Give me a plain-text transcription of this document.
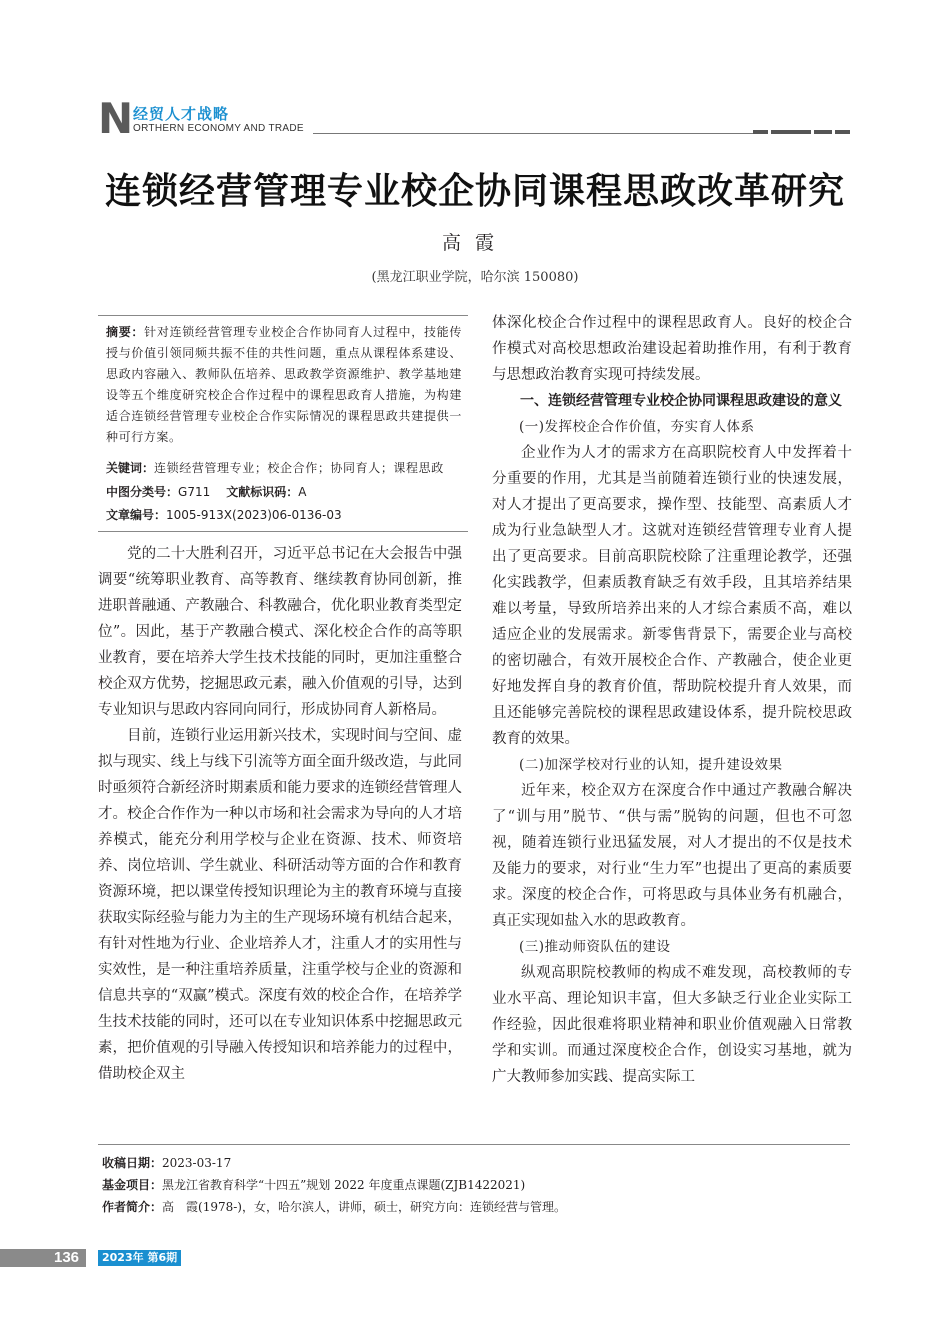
N 经贸人才战略
ORTHERN ECONOMY AND TRADE
连锁经营管理专业校企协同课程思政改革研究
高霞
(黑龙江职业学院，哈尔滨 150080)
摘要：针对连锁经营管理专业校企合作协同育人过程中，技能传授与价值引领同频共振不佳的共性问题，重点从课程体系建设、思政内容融入、教师队伍培养、思政教学资源维护、教学基地建设等五个维度研究校企合作过程中的课程思政育人措施，为构建适合连锁经营管理专业校企合作实际情况的课程思政共建提供一种可行方案。
关键词：连锁经营管理专业；校企合作；协同育人；课程思政
中图分类号：G711 文献标识码：A
文章编号：1005-913X(2023)06-0136-03

党的二十大胜利召开，习近平总书记在大会报告中强调要“统筹职业教育、高等教育、继续教育协同创新，推进职普融通、产教融合、科教融合，优化职业教育类型定位”。因此，基于产教融合模式、深化校企合作的高等职业教育，要在培养大学生技术技能的同时，更加注重整合校企双方优势，挖掘思政元素，融入价值观的引导，达到专业知识与思政内容同向同行，形成协同育人新格局。

目前，连锁行业运用新兴技术，实现时间与空间、虚拟与现实、线上与线下引流等方面全面升级改造，与此同时亟须符合新经济时期素质和能力要求的连锁经营管理人才。校企合作作为一种以市场和社会需求为导向的人才培养模式，能充分利用学校与企业在资源、技术、师资培养、岗位培训、学生就业、科研活动等方面的合作和教育资源环境，把以课堂传授知识理论为主的教育环境与直接获取实际经验与能力为主的生产现场环境有机结合起来，有针对性地为行业、企业培养人才，注重人才的实用性与实效性，是一种注重培养质量，注重学校与企业的资源和信息共享的“双赢”模式。深度有效的校企合作，在培养学生技术技能的同时，还可以在专业知识体系中挖掘思政元素，把价值观的引导融入传授知识和培养能力的过程中，借助校企双主

体深化校企合作过程中的课程思政育人。良好的校企合作模式对高校思想政治建设起着助推作用，有利于教育与思想政治教育实现可持续发展。

一、连锁经营管理专业校企协同课程思政建设的意义

(一)发挥校企合作价值，夯实育人体系

企业作为人才的需求方在高职院校育人中发挥着十分重要的作用，尤其是当前随着连锁行业的快速发展，对人才提出了更高要求，操作型、技能型、高素质人才成为行业急缺型人才。这就对连锁经营管理专业育人提出了更高要求。目前高职院校除了注重理论教学，还强化实践教学，但素质教育缺乏有效手段，且其培养结果难以考量，导致所培养出来的人才综合素质不高，难以适应企业的发展需求。新零售背景下，需要企业与高校的密切融合，有效开展校企合作、产教融合，使企业更好地发挥自身的教育价值，帮助院校提升育人效果，而且还能够完善院校的课程思政建设体系，提升院校思政教育的效果。

(二)加深学校对行业的认知，提升建设效果

近年来，校企双方在深度合作中通过产教融合解决了“训与用”脱节、“供与需”脱钩的问题，但也不可忽视，随着连锁行业迅猛发展，对人才提出的不仅是技术及能力的要求，对行业“生力军”也提出了更高的素质要求。深度的校企合作，可将思政与具体业务有机融合，真正实现如盐入水的思政教育。

(三)推动师资队伍的建设

纵观高职院校教师的构成不难发现，高校教师的专业水平高、理论知识丰富，但大多缺乏行业企业实际工作经验，因此很难将职业精神和职业价值观融入日常教学和实训。而通过深度校企合作，创设实习基地，就为广大教师参加实践、提高实际工

收稿日期：2023-03-17
基金项目：黑龙江省教育科学“十四五”规划 2022 年度重点课题(ZJB1422021)
作者简介：高　霞(1978-)，女，哈尔滨人，讲师，硕士，研究方向：连锁经营与管理。
136	2023年 第6期
